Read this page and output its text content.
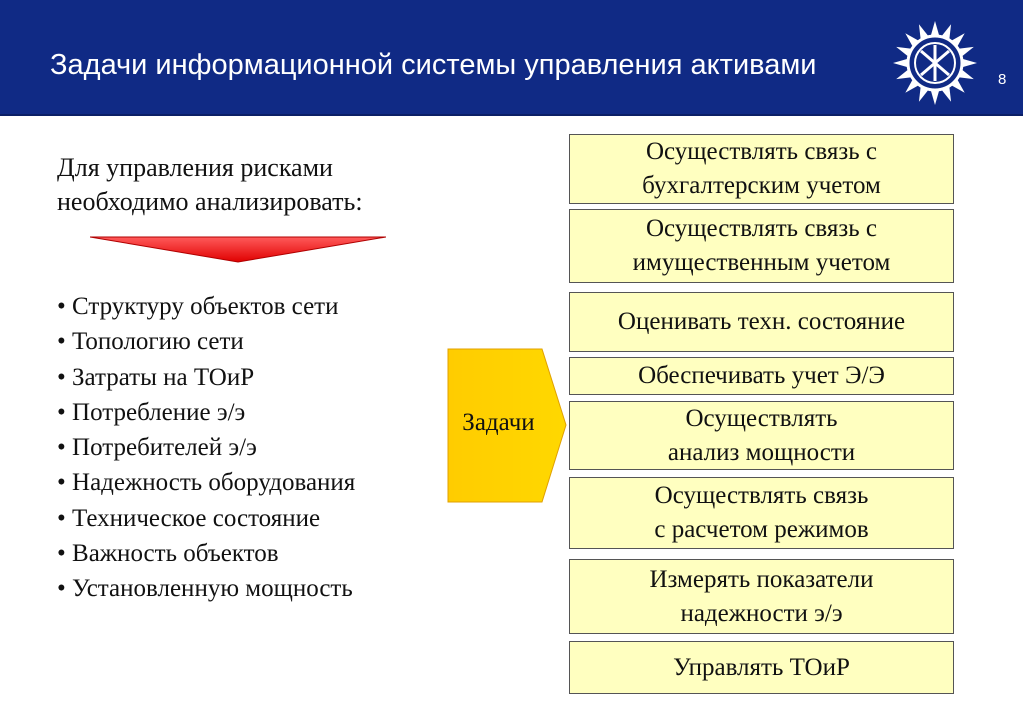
Задачи информационной системы управления активами	8
Для управления рисками
необходимо анализировать:
• Структуру объектов сети
• Топологию сети
• Затраты на ТОиР
• Потребление э/э
• Потребителей э/э
• Надежность оборудования
• Техническое состояние
• Важность объектов
• Установленную мощность
Задачи
Осуществлять связь с
бухгалтерским учетом
Осуществлять связь с
имущественным учетом
Оценивать техн. состояние
Обеспечивать учет Э/Э
Осуществлять
анализ мощности
Осуществлять связь
с расчетом режимов
Измерять показатели
надежности э/э
Управлять ТОиР
